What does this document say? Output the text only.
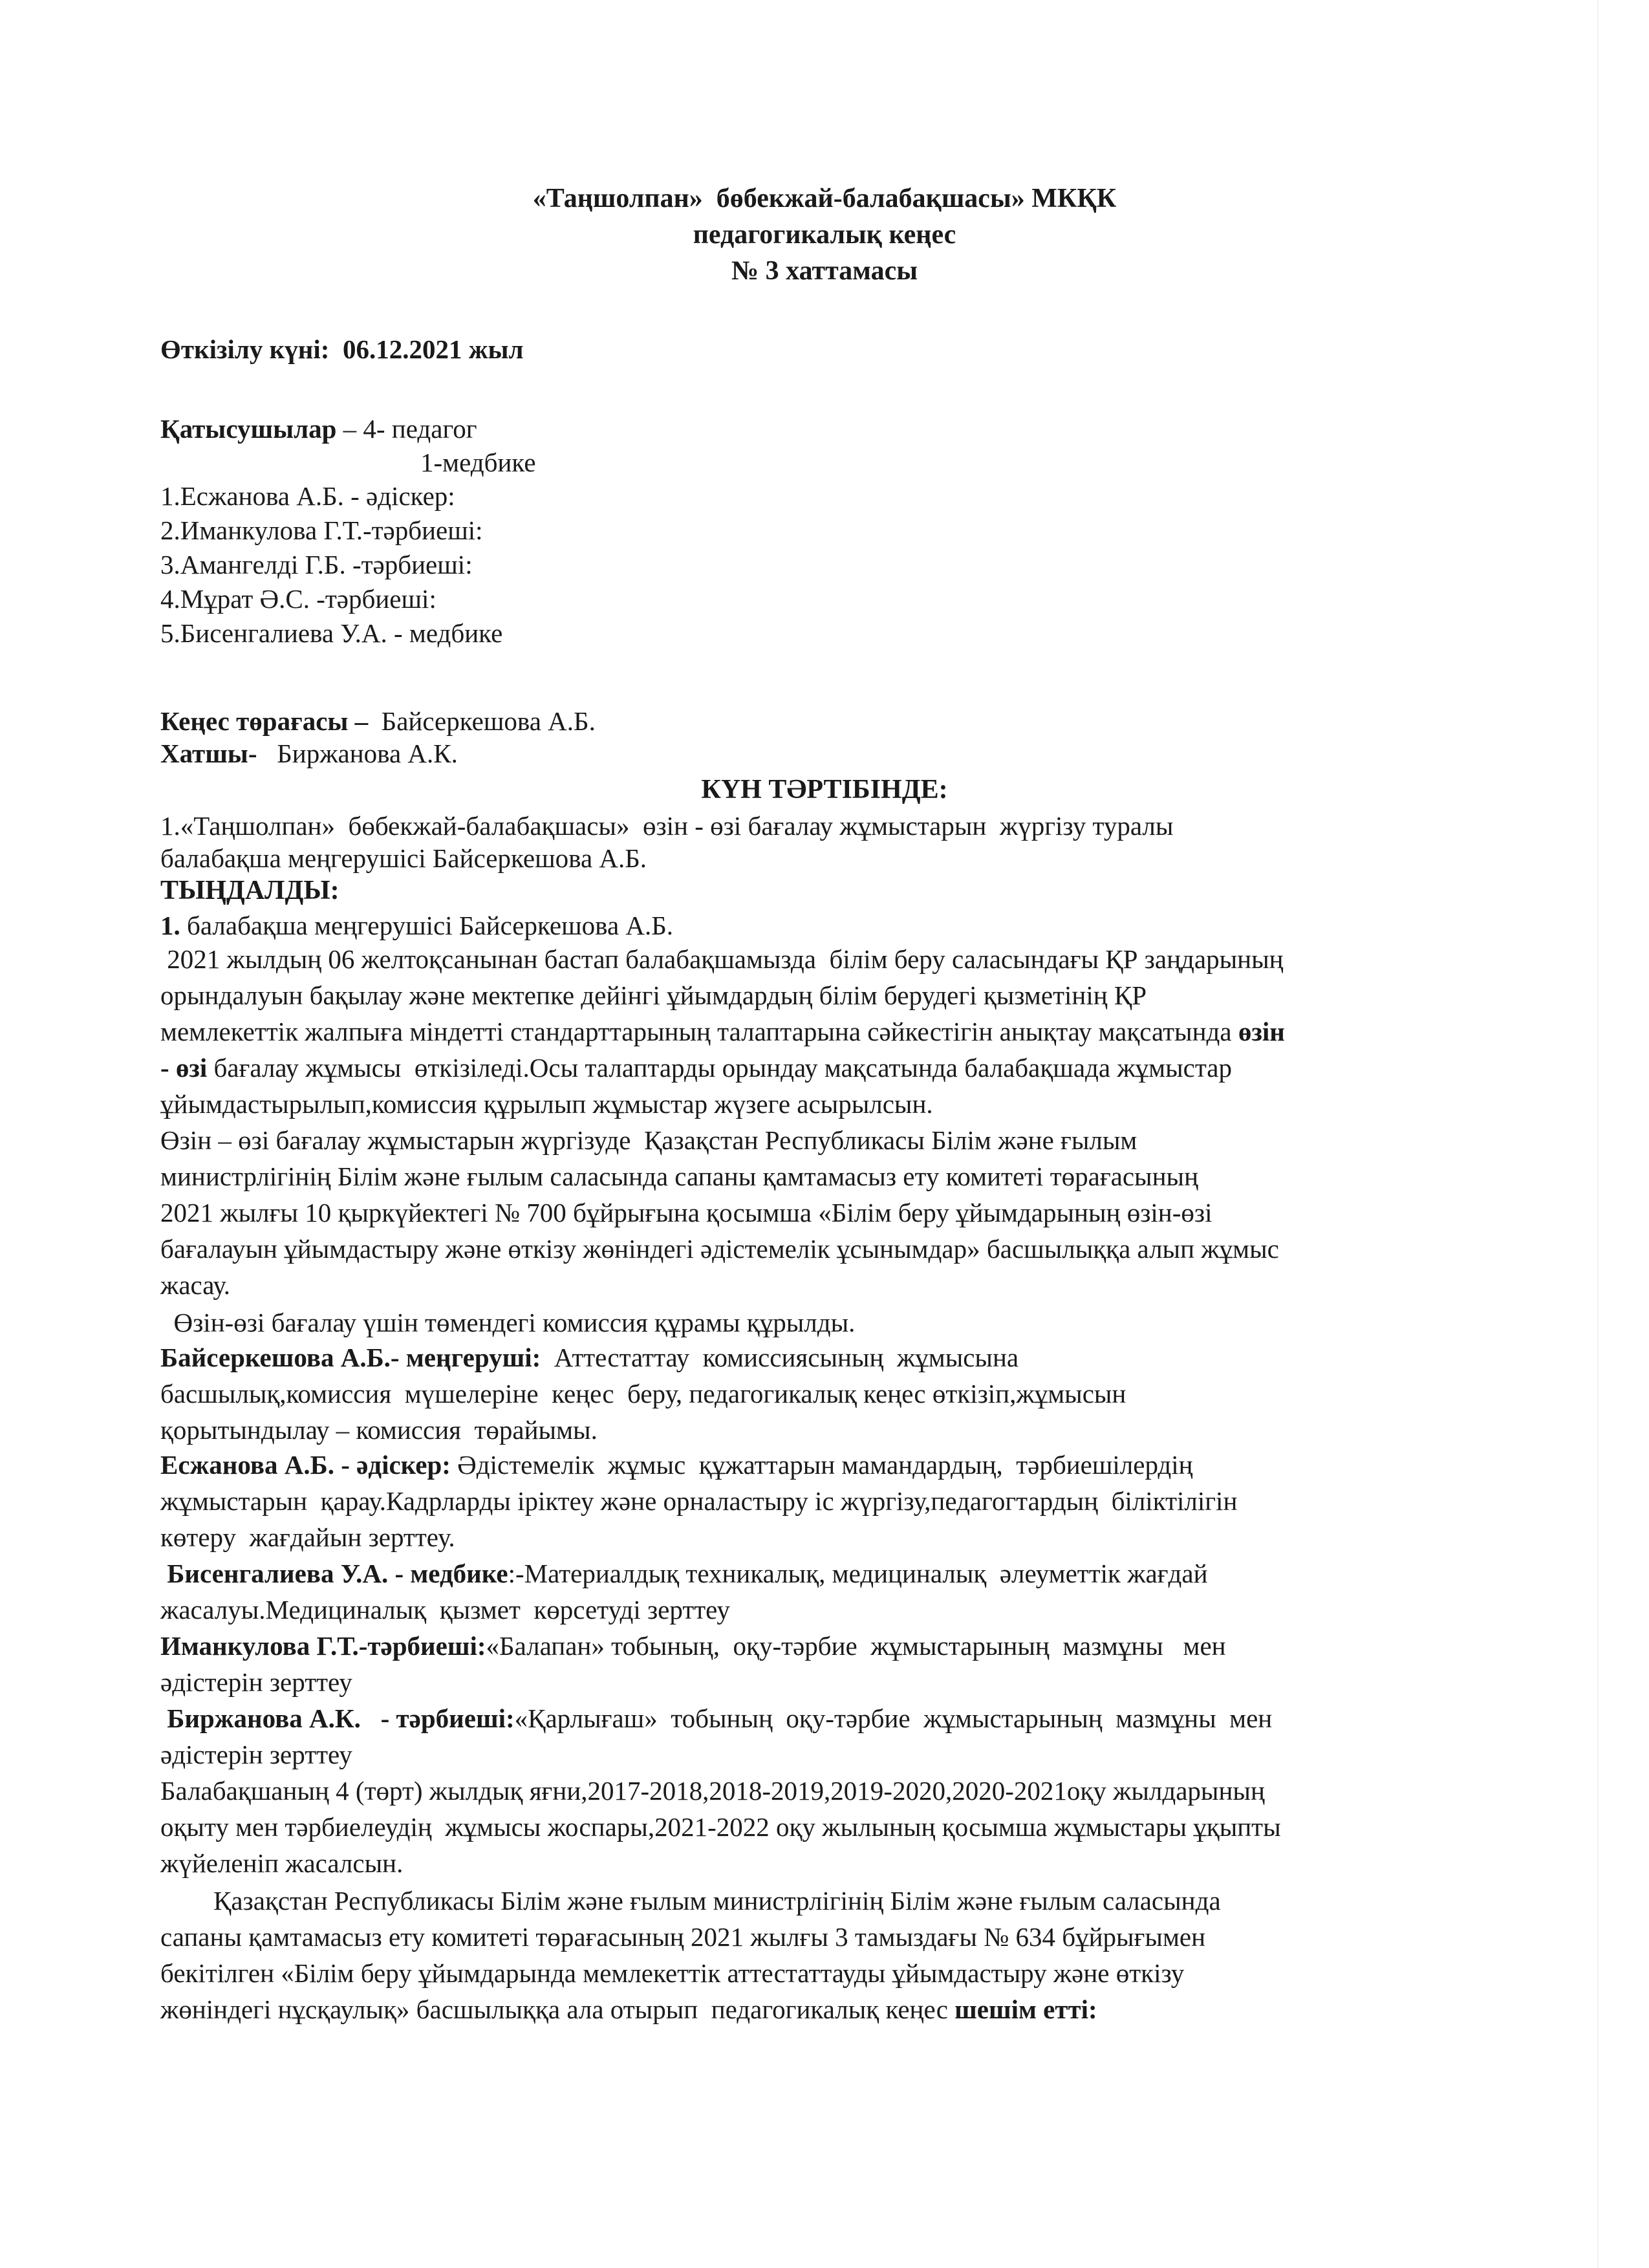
«Таңшолпан»  бөбекжай-балабақшасы» МКҚК
педагогикалық кеңес
№ 3 хаттамасы
Өткізілу күні: 06.12.2021 жыл
Қатысушылар – 4- педагог
1-медбике
1.Есжанова А.Б. - әдіскер:
2.Иманкулова Г.Т.-тәрбиеші:
3.Амангелді Г.Б. -тәрбиеші:
4.Мұрат Ә.С. -тәрбиеші:
5.Бисенгалиева У.А. - медбике
Кеңес төрағасы –  Байсеркешова А.Б.
Хатшы-   Биржанова А.К.
КҮН ТӘРТІБІНДЕ:
1.«Таңшолпан»  бөбекжай-балабақшасы»  өзін - өзі бағалау жұмыстарын  жүргізу туралы
балабақша меңгерушісі Байсеркешова А.Б.
ТЫҢДАЛДЫ:
1. балабақша меңгерушісі Байсеркешова А.Б.
2021 жылдың 06 желтоқсанынан бастап балабақшамызда  білім беру саласындағы ҚР заңдарының
орындалуын бақылау және мектепке дейінгі ұйымдардың білім берудегі қызметінің ҚР
мемлекеттік жалпыға міндетті стандарттарының талаптарына сәйкестігін анықтау мақсатында өзін
- өзі бағалау жұмысы  өткізіледі.Осы талаптарды орындау мақсатында балабақшада жұмыстар
ұйымдастырылып,комиссия құрылып жұмыстар жүзеге асырылсын.
Өзін – өзі бағалау жұмыстарын жүргізуде  Қазақстан Республикасы Білім және ғылым
министрлігінің Білім және ғылым саласында сапаны қамтамасыз ету комитеті төрағасының
2021 жылғы 10 қыркүйектегі № 700 бұйрығына қосымша «Білім беру ұйымдарының өзін-өзі
бағалауын ұйымдастыру және өткізу жөніндегі әдістемелік ұсынымдар» басшылыққа алып жұмыс
жасау.
Өзін-өзі бағалау үшін төмендегі комиссия құрамы құрылды.
Байсеркешова А.Б.- меңгеруші:  Аттестаттау  комиссиясының  жұмысына
басшылық,комиссия  мүшелеріне  кеңес  беру, педагогикалық кеңес өткізіп,жұмысын
қорытындылау – комиссия  төрайымы.
Есжанова А.Б. - әдіскер: Әдістемелік  жұмыс  құжаттарын мамандардың,  тәрбиешілердің
жұмыстарын  қарау.Кадрларды іріктеу және орналастыру іс жүргізу,педагогтардың  біліктілігін
көтеру  жағдайын зерттеу.
Бисенгалиева У.А. - медбике:-Материалдық техникалық, медициналық  әлеуметтік жағдай
жасалуы.Медициналық  қызмет  көрсетуді зерттеу
Иманкулова Г.Т.-тәрбиеші:«Балапан» тобының,  оқу-тәрбие  жұмыстарының  мазмұны   мен
әдістерін зерттеу
Биржанова А.К.   - тәрбиеші:«Қарлығаш»  тобының  оқу-тәрбие  жұмыстарының  мазмұны  мен
әдістерін зерттеу
Балабақшаның 4 (төрт) жылдық яғни,2017-2018,2018-2019,2019-2020,2020-2021оқу жылдарының
оқыту мен тәрбиелеудің  жұмысы жоспары,2021-2022 оқу жылының қосымша жұмыстары ұқыпты
жүйеленіп жасалсын.
Қазақстан Республикасы Білім және ғылым министрлігінің Білім және ғылым саласында
сапаны қамтамасыз ету комитеті төрағасының 2021 жылғы 3 тамыздағы № 634 бұйрығымен
бекітілген «Білім беру ұйымдарында мемлекеттік аттестаттауды ұйымдастыру және өткізу
жөніндегі нұсқаулық» басшылыққа ала отырып  педагогикалық кеңес шешім етті:
